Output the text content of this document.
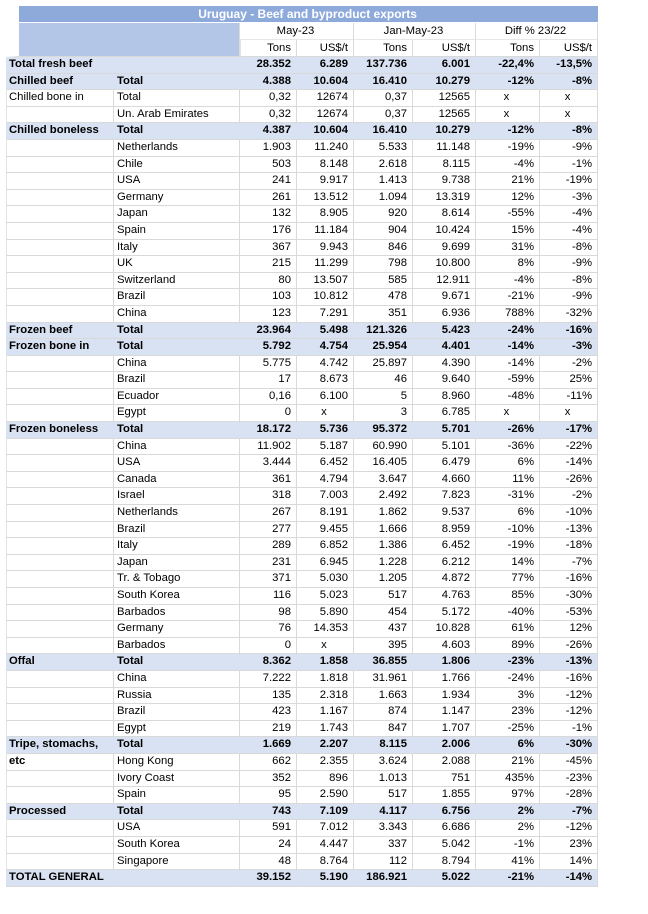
Uruguay - Beef and byproduct exports							
		May-23		Jan-May-23		Diff % 23/22	
		Tons	US$/t	Tons	US$/t	Tons	US$/t
Total fresh beef		28.352	6.289	137.736	6.001	-22,4%	-13,5%
Chilled beef	Total	4.388	10.604	16.410	10.279	-12%	-8%
Chilled bone in	Total	0,32	12674	0,37	12565	x	x
	Un. Arab Emirates	0,32	12674	0,37	12565	x	x
Chilled boneless	Total	4.387	10.604	16.410	10.279	-12%	-8%
	Netherlands	1.903	11.240	5.533	11.148	-19%	-9%
	Chile	503	8.148	2.618	8.115	-4%	-1%
	USA	241	9.917	1.413	9.738	21%	-19%
	Germany	261	13.512	1.094	13.319	12%	-3%
	Japan	132	8.905	920	8.614	-55%	-4%
	Spain	176	11.184	904	10.424	15%	-4%
	Italy	367	9.943	846	9.699	31%	-8%
	UK	215	11.299	798	10.800	8%	-9%
	Switzerland	80	13.507	585	12.911	-4%	-8%
	Brazil	103	10.812	478	9.671	-21%	-9%
	China	123	7.291	351	6.936	788%	-32%
Frozen beef	Total	23.964	5.498	121.326	5.423	-24%	-16%
Frozen bone in	Total	5.792	4.754	25.954	4.401	-14%	-3%
	China	5.775	4.742	25.897	4.390	-14%	-2%
	Brazil	17	8.673	46	9.640	-59%	25%
	Ecuador	0,16	6.100	5	8.960	-48%	-11%
	Egypt	0	x	3	6.785	x	x
Frozen boneless	Total	18.172	5.736	95.372	5.701	-26%	-17%
	China	11.902	5.187	60.990	5.101	-36%	-22%
	USA	3.444	6.452	16.405	6.479	6%	-14%
	Canada	361	4.794	3.647	4.660	11%	-26%
	Israel	318	7.003	2.492	7.823	-31%	-2%
	Netherlands	267	8.191	1.862	9.537	6%	-10%
	Brazil	277	9.455	1.666	8.959	-10%	-13%
	Italy	289	6.852	1.386	6.452	-19%	-18%
	Japan	231	6.945	1.228	6.212	14%	-7%
	Tr. & Tobago	371	5.030	1.205	4.872	77%	-16%
	South Korea	116	5.023	517	4.763	85%	-30%
	Barbados	98	5.890	454	5.172	-40%	-53%
	Germany	76	14.353	437	10.828	61%	12%
	Barbados	0	x	395	4.603	89%	-26%
Offal	Total	8.362	1.858	36.855	1.806	-23%	-13%
	China	7.222	1.818	31.961	1.766	-24%	-16%
	Russia	135	2.318	1.663	1.934	3%	-12%
	Brazil	423	1.167	874	1.147	23%	-12%
	Egypt	219	1.743	847	1.707	-25%	-1%
Tripe, stomachs,	Total	1.669	2.207	8.115	2.006	6%	-30%
etc	Hong Kong	662	2.355	3.624	2.088	21%	-45%
	Ivory Coast	352	896	1.013	751	435%	-23%
	Spain	95	2.590	517	1.855	97%	-28%
Processed	Total	743	7.109	4.117	6.756	2%	-7%
	USA	591	7.012	3.343	6.686	2%	-12%
	South Korea	24	4.447	337	5.042	-1%	23%
	Singapore	48	8.764	112	8.794	41%	14%
TOTAL GENERAL		39.152	5.190	186.921	5.022	-21%	-14%
